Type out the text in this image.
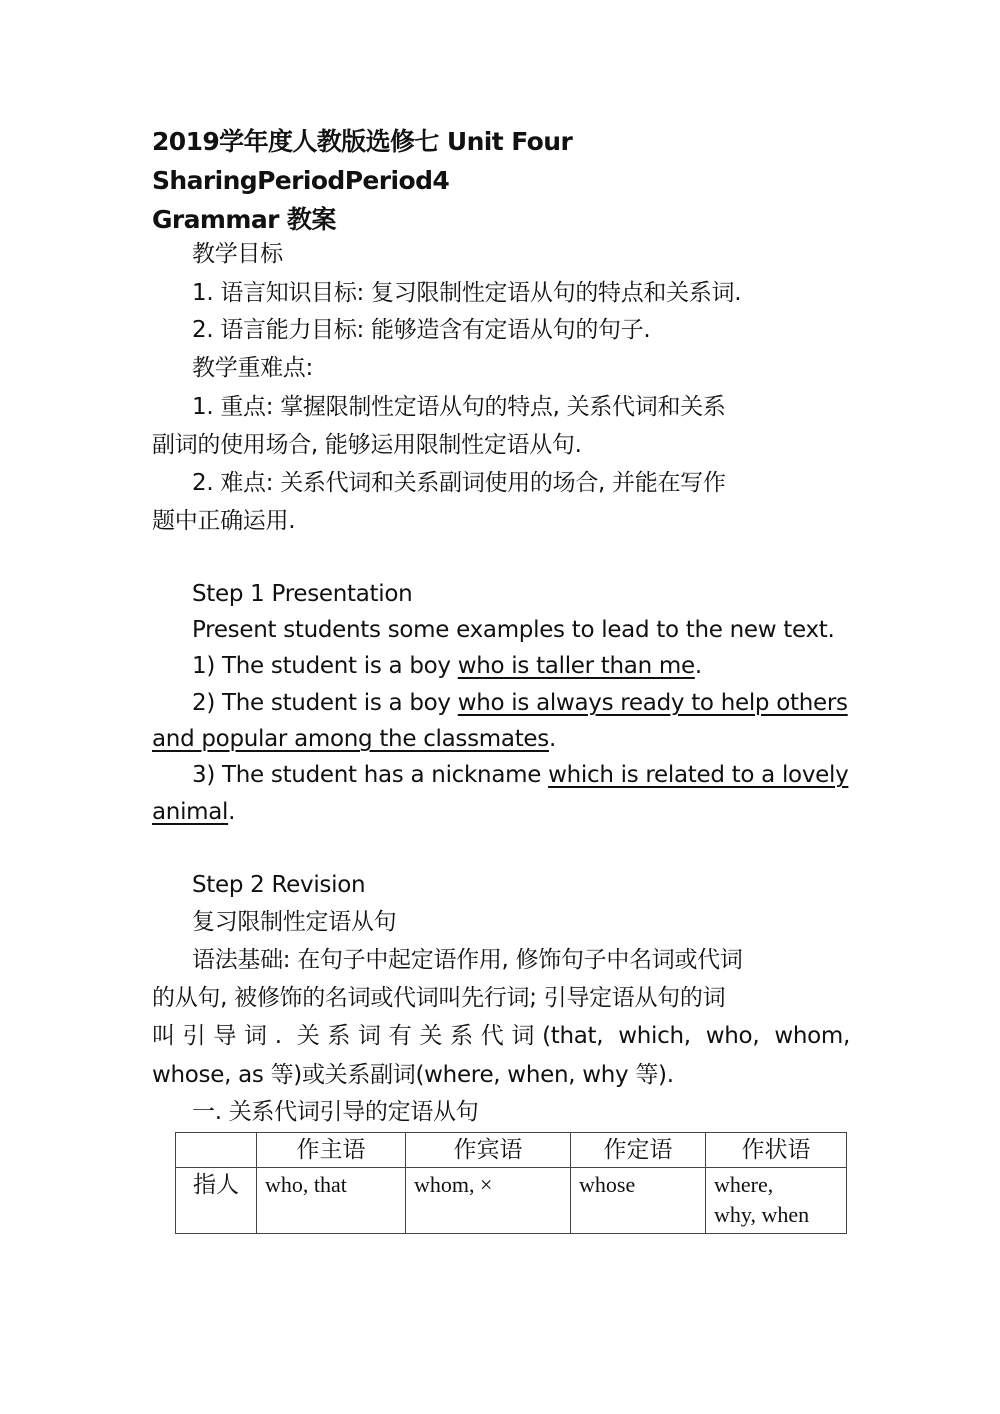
2019学年度人教版选修七 Unit Four SharingPeriodPeriod4
Grammar 教案
教学目标
1. 语言知识目标: 复习限制性定语从句的特点和关系词.
2. 语言能力目标: 能够造含有定语从句的句子.
教学重难点:
1. 重点: 掌握限制性定语从句的特点, 关系代词和关系
副词的使用场合, 能够运用限制性定语从句.
2. 难点: 关系代词和关系副词使用的场合, 并能在写作
题中正确运用.
Step 1 Presentation
Present students some examples to lead to the new text.
1) The student is a boy who is taller than me.
2) The student is a boy who is always ready to help others
and popular among the classmates.
3) The student has a nickname which is related to a lovely
animal.
Step 2 Revision
复习限制性定语从句
语法基础: 在句子中起定语作用, 修饰句子中名词或代词
的从句, 被修饰的名词或代词叫先行词; 引导定语从句的词
叫引导词. 关系词有关系代词(that, which, who, whom,
whose, as 等)或关系副词(where, when, why 等).
一. 关系代词引导的定语从句
	作主语	作宾语	作定语	作状语
指人	who, that	whom, ×	whose	where,
why, when
